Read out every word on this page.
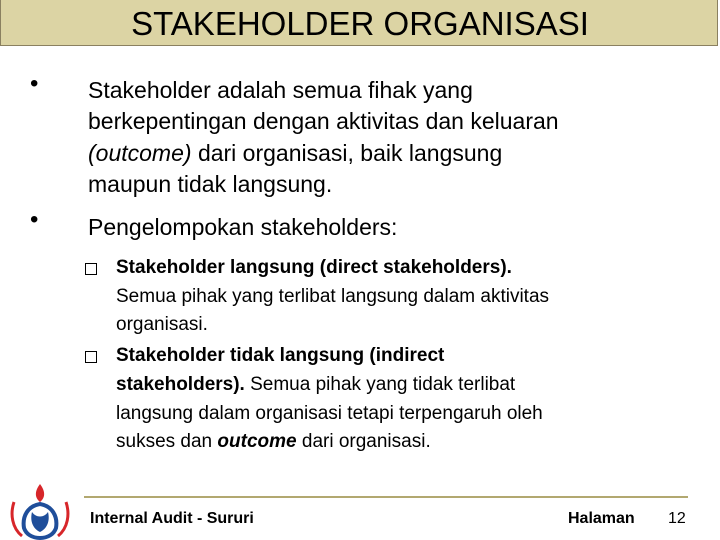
STAKEHOLDER ORGANISASI
• Stakeholder adalah semua fihak yang
berkepentingan dengan aktivitas dan keluaran
(outcome) dari organisasi, baik langsung
maupun tidak langsung.
• Pengelompokan stakeholders:
Stakeholder langsung (direct stakeholders).
Semua pihak yang terlibat langsung dalam aktivitas
organisasi.
Stakeholder tidak langsung (indirect
stakeholders). Semua pihak yang tidak terlibat
langsung dalam organisasi tetapi terpengaruh oleh
sukses dan outcome dari organisasi.
Internal Audit - Sururi	Halaman 12
